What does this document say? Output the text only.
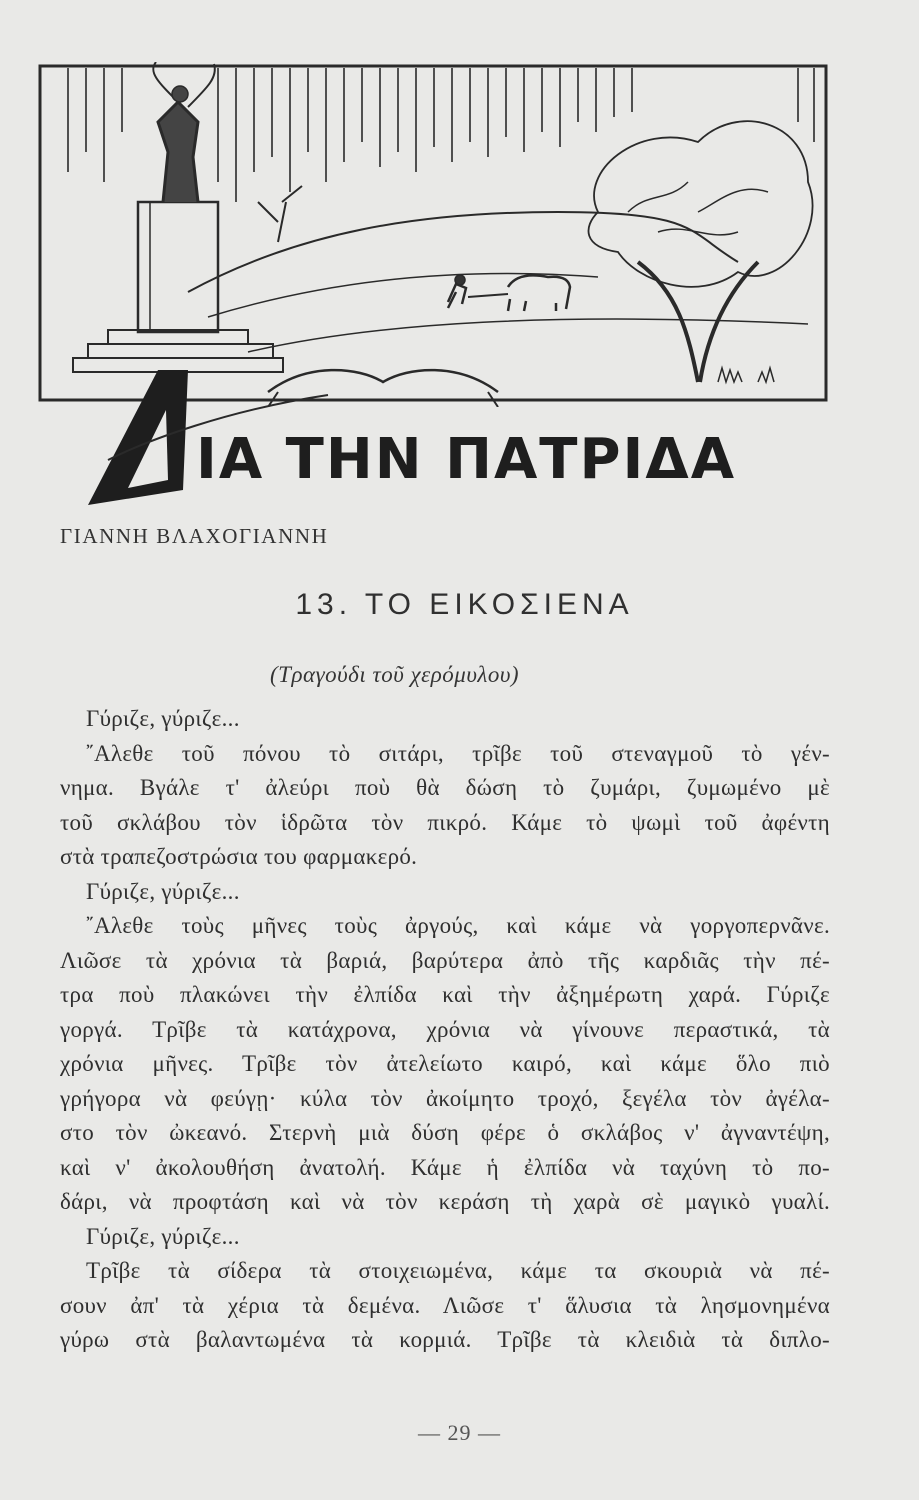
ΙΑ ΤΗΝ ΠΑΤΡΙΔΑ
ΓΙΑΝΝΗ ΒΛΑΧΟΓΙΑΝΝΗ
13. ΤΟ ΕΙΚΟΣΙΕΝΑ
(Τραγούδι τοῦ χερόμυλου)
Γύριζε, γύριζε...
῎Αλεθε τοῦ πόνου τὸ σιτάρι, τρῖβε τοῦ στεναγμοῦ τὸ γέν-
νημα. Βγάλε τ' ἀλεύρι ποὺ θὰ δώση τὸ ζυμάρι, ζυμωμένο μὲ
τοῦ σκλάβου τὸν ἱδρῶτα τὸν πικρό. Κάμε τὸ ψωμὶ τοῦ ἀφέντη
στὰ τραπεζοστρώσια του φαρμακερό.
Γύριζε, γύριζε...
῎Αλεθε τοὺς μῆνες τοὺς ἀργούς, καὶ κάμε νὰ γοργοπερνᾶνε.
Λιῶσε τὰ χρόνια τὰ βαριά, βαρύτερα ἀπὸ τῆς καρδιᾶς τὴν πέ-
τρα ποὺ πλακώνει τὴν ἐλπίδα καὶ τὴν ἀξημέρωτη χαρά. Γύριζε
γοργά. Τρῖβε τὰ κατάχρονα, χρόνια νὰ γίνουνε περαστικά, τὰ
χρόνια μῆνες. Τρῖβε τὸν ἀτελείωτο καιρό, καὶ κάμε ὅλο πιὸ
γρήγορα νὰ φεύγῃ· κύλα τὸν ἀκοίμητο τροχό, ξεγέλα τὸν ἀγέλα-
στο τὸν ὠκεανό. Στερνὴ μιὰ δύση φέρε ὁ σκλάβος ν' ἀγναντέψη,
καὶ ν' ἀκολουθήση ἀνατολή. Κάμε ἡ ἐλπίδα νὰ ταχύνη τὸ πο-
δάρι, νὰ προφτάση καὶ νὰ τὸν κεράση τὴ χαρὰ σὲ μαγικὸ γυαλί.
Γύριζε, γύριζε...
Τρῖβε τὰ σίδερα τὰ στοιχειωμένα, κάμε τα σκουριὰ νὰ πέ-
σουν ἀπ' τὰ χέρια τὰ δεμένα. Λιῶσε τ' ἅλυσια τὰ λησμονημένα
γύρω στὰ βαλαντωμένα τὰ κορμιά. Τρῖβε τὰ κλειδιὰ τὰ διπλο-
— 29 —
